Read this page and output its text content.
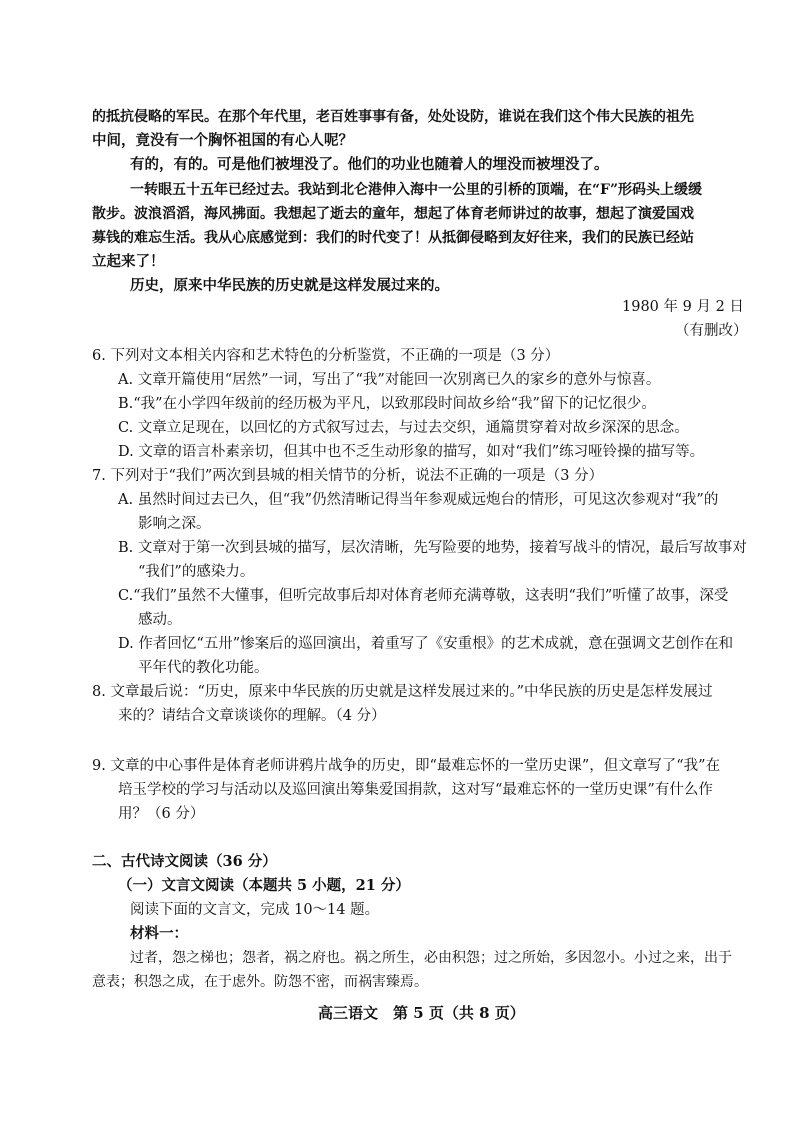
的抵抗侵略的军民。在那个年代里，老百姓事事有备，处处设防，谁说在我们这个伟大民族的祖先
中间，竟没有一个胸怀祖国的有心人呢？
有的，有的。可是他们被埋没了。他们的功业也随着人的埋没而被埋没了。
一转眼五十五年已经过去。我站到北仑港伸入海中一公里的引桥的顶端，在“F”形码头上缓缓
散步。波浪滔滔，海风拂面。我想起了逝去的童年，想起了体育老师讲过的故事，想起了演爱国戏
募钱的难忘生活。我从心底感觉到：我们的时代变了！从抵御侵略到友好往来，我们的民族已经站
立起来了！
历史，原来中华民族的历史就是这样发展过来的。
1980 年 9 月 2 日
（有删改）
6. 下列对文本相关内容和艺术特色的分析鉴赏，不正确的一项是（3 分）
A. 文章开篇使用“居然”一词，写出了“我”对能回一次别离已久的家乡的意外与惊喜。
B.“我”在小学四年级前的经历极为平凡，以致那段时间故乡给“我”留下的记忆很少。
C. 文章立足现在，以回忆的方式叙写过去，与过去交织，通篇贯穿着对故乡深深的思念。
D. 文章的语言朴素亲切，但其中也不乏生动形象的描写，如对“我们”练习哑铃操的描写等。
7. 下列对于“我们”两次到县城的相关情节的分析，说法不正确的一项是（3 分）
A. 虽然时间过去已久，但“我”仍然清晰记得当年参观威远炮台的情形，可见这次参观对“我”的
影响之深。
B. 文章对于第一次到县城的描写，层次清晰，先写险要的地势，接着写战斗的情况，最后写故事对
“我们”的感染力。
C.“我们”虽然不大懂事，但听完故事后却对体育老师充满尊敬，这表明“我们”听懂了故事，深受
感动。
D. 作者回忆“五卅”惨案后的巡回演出，着重写了《安重根》的艺术成就，意在强调文艺创作在和
平年代的教化功能。
8. 文章最后说：“历史，原来中华民族的历史就是这样发展过来的。”中华民族的历史是怎样发展过
来的？请结合文章谈谈你的理解。（4 分）
9. 文章的中心事件是体育老师讲鸦片战争的历史，即“最难忘怀的一堂历史课”，但文章写了“我”在
培玉学校的学习与活动以及巡回演出筹集爱国捐款，这对写“最难忘怀的一堂历史课”有什么作
用？（6 分）
二、古代诗文阅读（36 分）
（一）文言文阅读（本题共 5 小题，21 分）
阅读下面的文言文，完成 10～14 题。
材料一：
过者，怨之梯也；怨者，祸之府也。祸之所生，必由积怨；过之所始，多因忽小。小过之来，出于
意表；积怨之成，在于虑外。防怨不密，而祸害臻焉。
高三语文　第 5 页（共 8 页）
